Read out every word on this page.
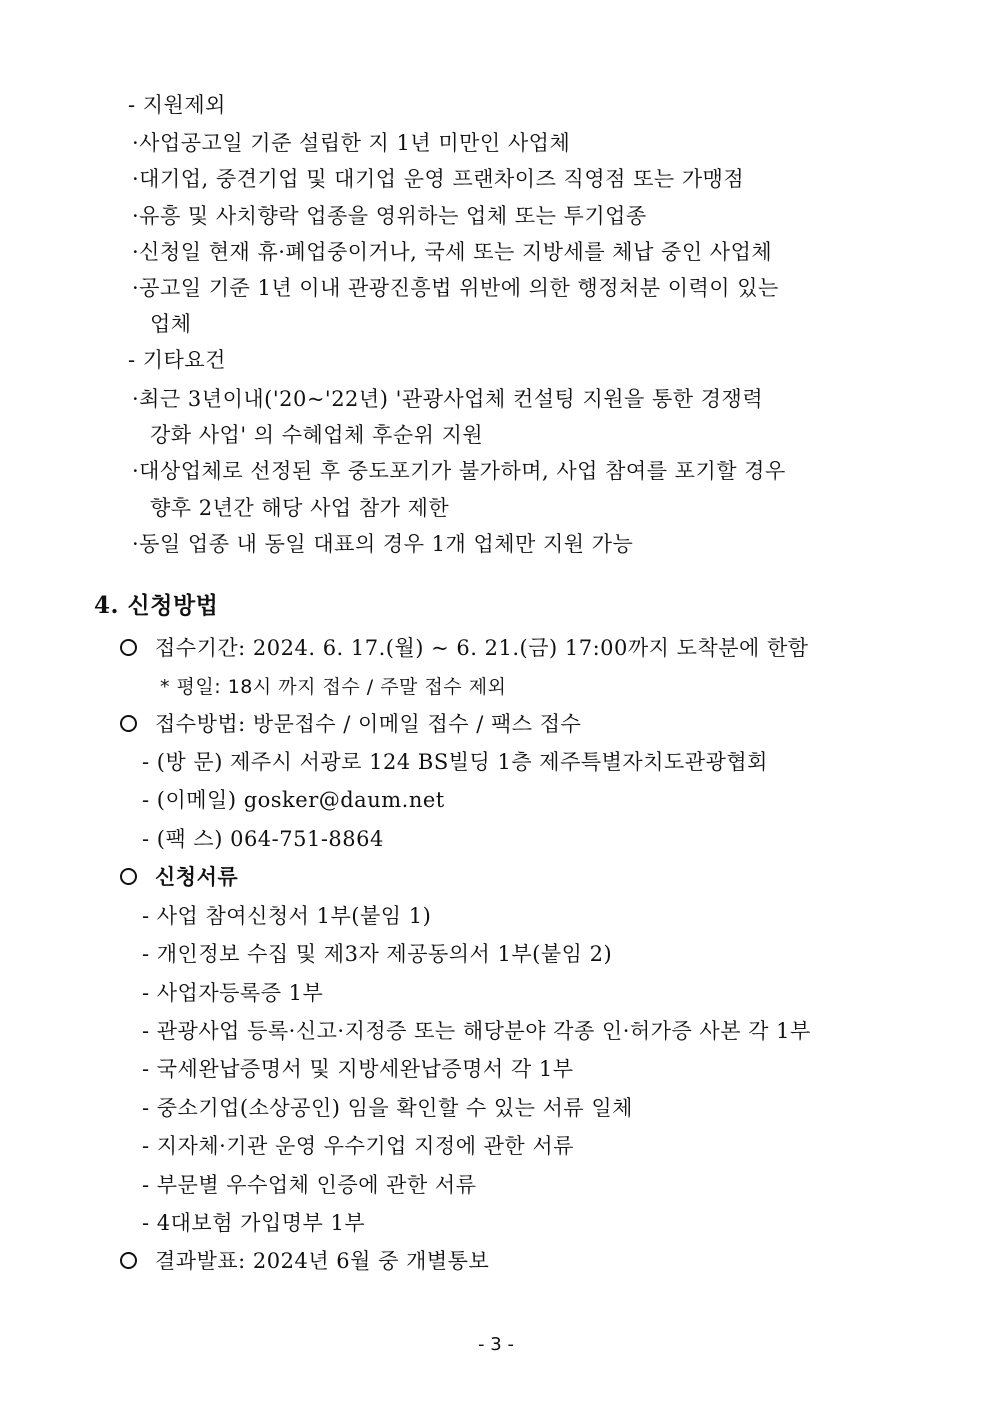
- 지원제외
·사업공고일 기준 설립한 지 1년 미만인 사업체
·대기업, 중견기업 및 대기업 운영 프랜차이즈 직영점 또는 가맹점
·유흥 및 사치향락 업종을 영위하는 업체 또는 투기업종
·신청일 현재 휴·폐업중이거나, 국세 또는 지방세를 체납 중인 사업체
·공고일 기준 1년 이내 관광진흥법 위반에 의한 행정처분 이력이 있는
업체
- 기타요건
·최근 3년이내('20~'22년) '관광사업체 컨설팅 지원을 통한 경쟁력
강화 사업' 의 수혜업체 후순위 지원
·대상업체로 선정된 후 중도포기가 불가하며, 사업 참여를 포기할 경우
향후 2년간 해당 사업 참가 제한
·동일 업종 내 동일 대표의 경우 1개 업체만 지원 가능
4. 신청방법
접수기간: 2024. 6. 17.(월) ~ 6. 21.(금) 17:00까지 도착분에 한함
* 평일: 18시 까지 접수 / 주말 접수 제외
접수방법: 방문접수 / 이메일 접수 / 팩스 접수
- (방 문) 제주시 서광로 124 BS빌딩 1층 제주특별자치도관광협회
- (이메일) gosker@daum.net
- (팩 스) 064-751-8864
신청서류
- 사업 참여신청서 1부(붙임 1)
- 개인정보 수집 및 제3자 제공동의서 1부(붙임 2)
- 사업자등록증 1부
- 관광사업 등록·신고·지정증 또는 해당분야 각종 인·허가증 사본 각 1부
- 국세완납증명서 및 지방세완납증명서 각 1부
- 중소기업(소상공인) 임을 확인할 수 있는 서류 일체
- 지자체·기관 운영 우수기업 지정에 관한 서류
- 부문별 우수업체 인증에 관한 서류
- 4대보험 가입명부 1부
결과발표: 2024년 6월 중 개별통보
- 3 -
